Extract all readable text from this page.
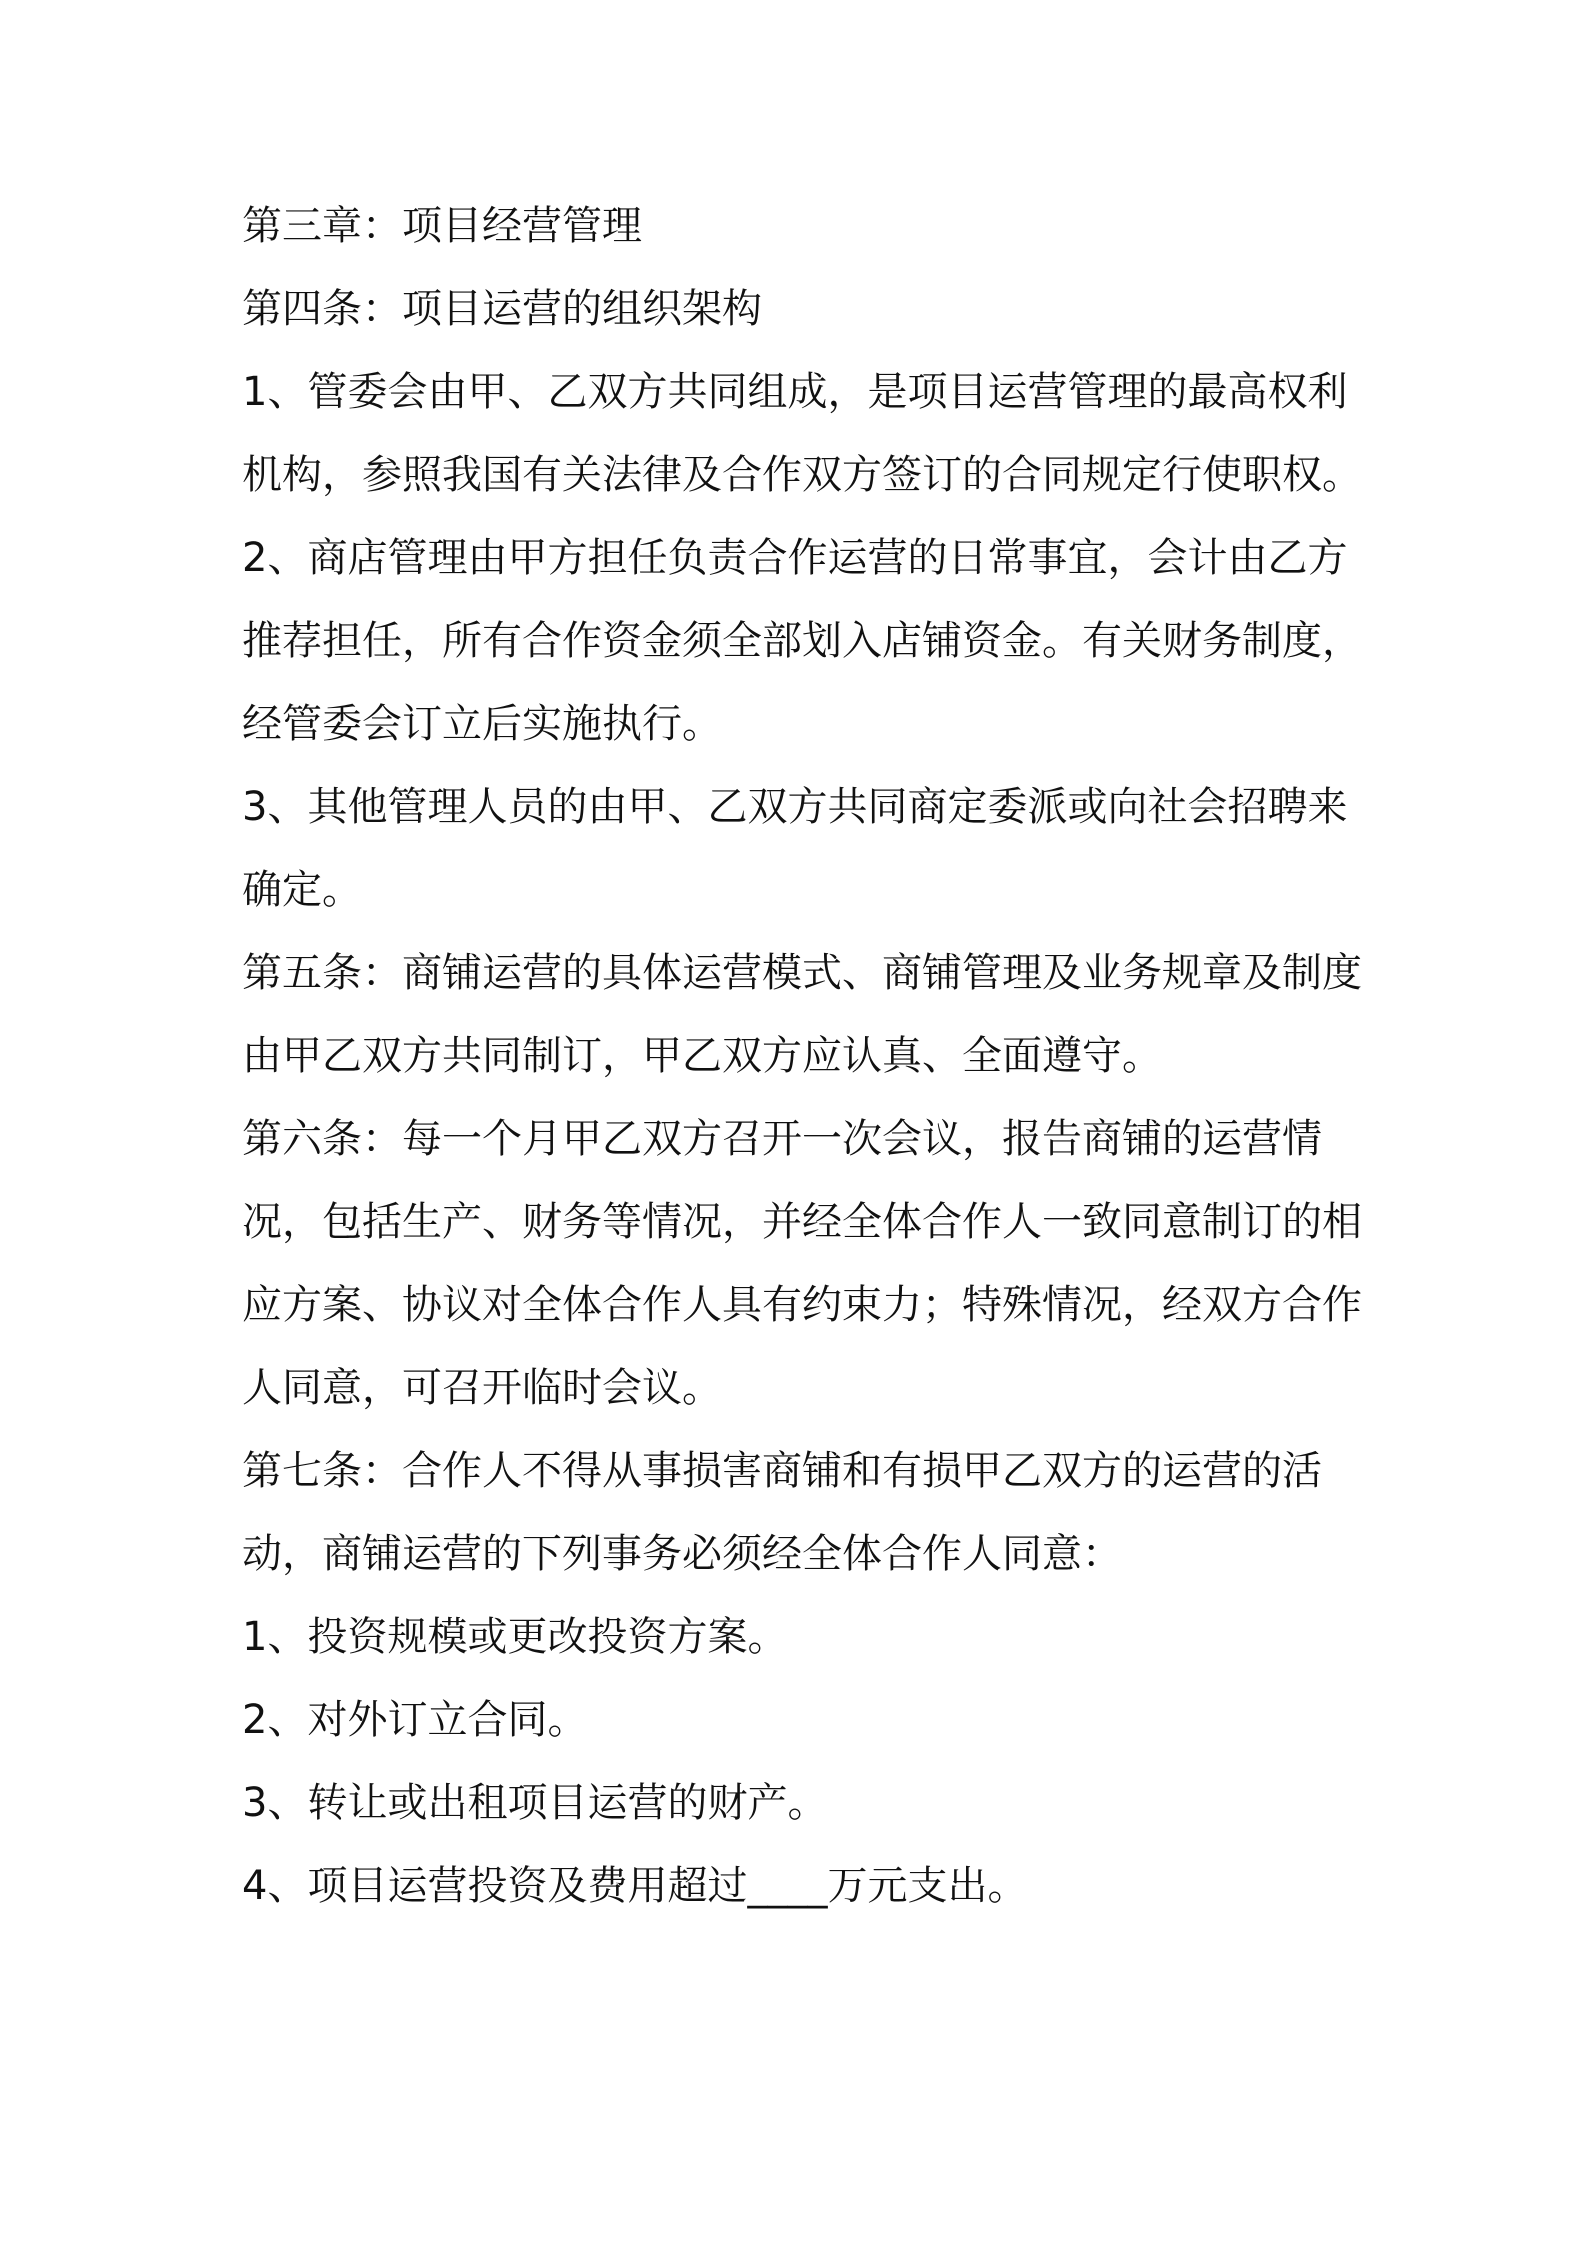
第三章：项目经营管理

第四条：项目运营的组织架构

1、管委会由甲、乙双方共同组成，是项目运营管理的最高权利机构，参照我国有关法律及合作双方签订的合同规定行使职权。

2、商店管理由甲方担任负责合作运营的日常事宜，会计由乙方推荐担任，所有合作资金须全部划入店铺资金。有关财务制度，经管委会订立后实施执行。

3、其他管理人员的由甲、乙双方共同商定委派或向社会招聘来确定。

第五条：商铺运营的具体运营模式、商铺管理及业务规章及制度由甲乙双方共同制订，甲乙双方应认真、全面遵守。

第六条：每一个月甲乙双方召开一次会议，报告商铺的运营情况，包括生产、财务等情况，并经全体合作人一致同意制订的相应方案、协议对全体合作人具有约束力；特殊情况，经双方合作人同意，可召开临时会议。

第七条：合作人不得从事损害商铺和有损甲乙双方的运营的活动，商铺运营的下列事务必须经全体合作人同意：

1、投资规模或更改投资方案。

2、对外订立合同。

3、转让或出租项目运营的财产。

4、项目运营投资及费用超过____万元支出。
